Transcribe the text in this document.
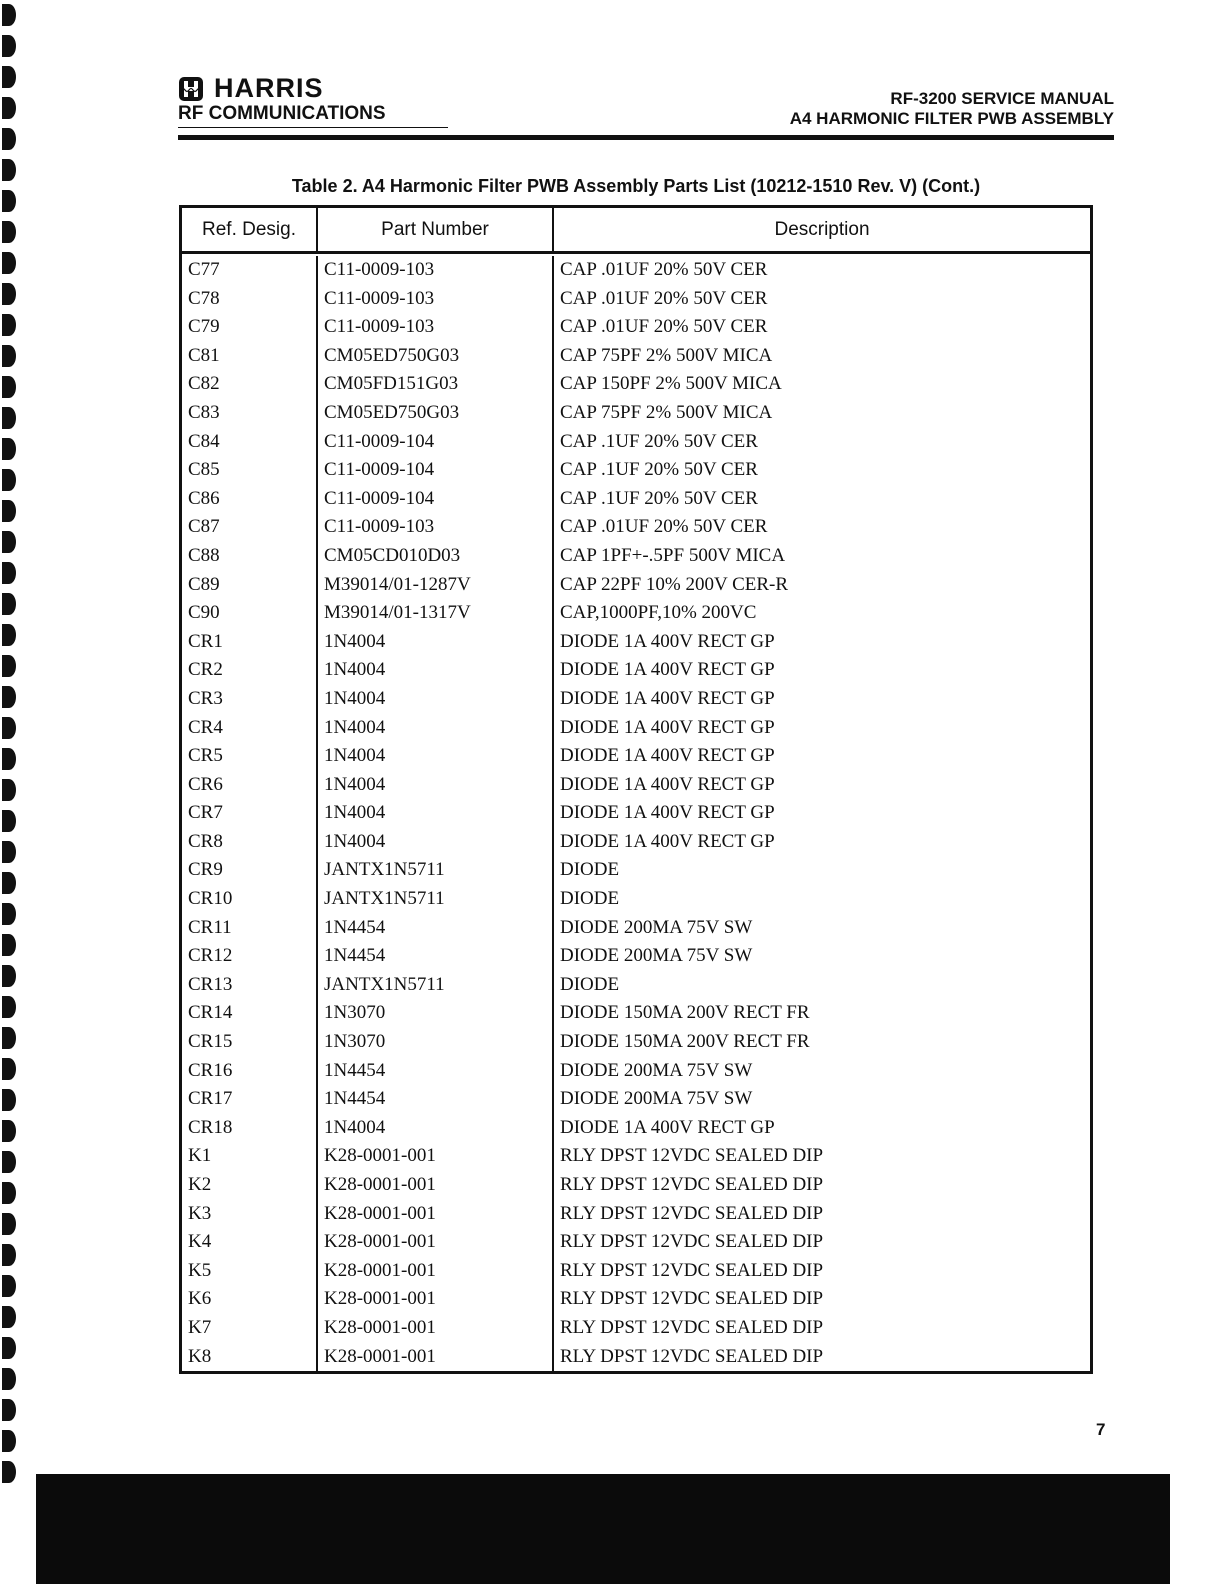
HARRIS
RF COMMUNICATIONS
RF-3200 SERVICE MANUAL
A4 HARMONIC FILTER PWB ASSEMBLY
Table 2. A4 Harmonic Filter PWB Assembly Parts List (10212-1510 Rev. V) (Cont.)
Ref. Desig.	Part Number	Description
C77	C11-0009-103	CAP .01UF 20% 50V CER
C78	C11-0009-103	CAP .01UF 20% 50V CER
C79	C11-0009-103	CAP .01UF 20% 50V CER
C81	CM05ED750G03	CAP 75PF 2% 500V MICA
C82	CM05FD151G03	CAP 150PF 2% 500V MICA
C83	CM05ED750G03	CAP 75PF 2% 500V MICA
C84	C11-0009-104	CAP .1UF 20% 50V CER
C85	C11-0009-104	CAP .1UF 20% 50V CER
C86	C11-0009-104	CAP .1UF 20% 50V CER
C87	C11-0009-103	CAP .01UF 20% 50V CER
C88	CM05CD010D03	CAP 1PF+-.5PF 500V MICA
C89	M39014/01-1287V	CAP 22PF 10% 200V CER-R
C90	M39014/01-1317V	CAP,1000PF,10% 200VC
CR1	1N4004	DIODE 1A 400V RECT GP
CR2	1N4004	DIODE 1A 400V RECT GP
CR3	1N4004	DIODE 1A 400V RECT GP
CR4	1N4004	DIODE 1A 400V RECT GP
CR5	1N4004	DIODE 1A 400V RECT GP
CR6	1N4004	DIODE 1A 400V RECT GP
CR7	1N4004	DIODE 1A 400V RECT GP
CR8	1N4004	DIODE 1A 400V RECT GP
CR9	JANTX1N5711	DIODE
CR10	JANTX1N5711	DIODE
CR11	1N4454	DIODE 200MA 75V SW
CR12	1N4454	DIODE 200MA 75V SW
CR13	JANTX1N5711	DIODE
CR14	1N3070	DIODE 150MA 200V RECT FR
CR15	1N3070	DIODE 150MA 200V RECT FR
CR16	1N4454	DIODE 200MA 75V SW
CR17	1N4454	DIODE 200MA 75V SW
CR18	1N4004	DIODE 1A 400V RECT GP
K1	K28-0001-001	RLY DPST 12VDC SEALED DIP
K2	K28-0001-001	RLY DPST 12VDC SEALED DIP
K3	K28-0001-001	RLY DPST 12VDC SEALED DIP
K4	K28-0001-001	RLY DPST 12VDC SEALED DIP
K5	K28-0001-001	RLY DPST 12VDC SEALED DIP
K6	K28-0001-001	RLY DPST 12VDC SEALED DIP
K7	K28-0001-001	RLY DPST 12VDC SEALED DIP
K8	K28-0001-001	RLY DPST 12VDC SEALED DIP
7
